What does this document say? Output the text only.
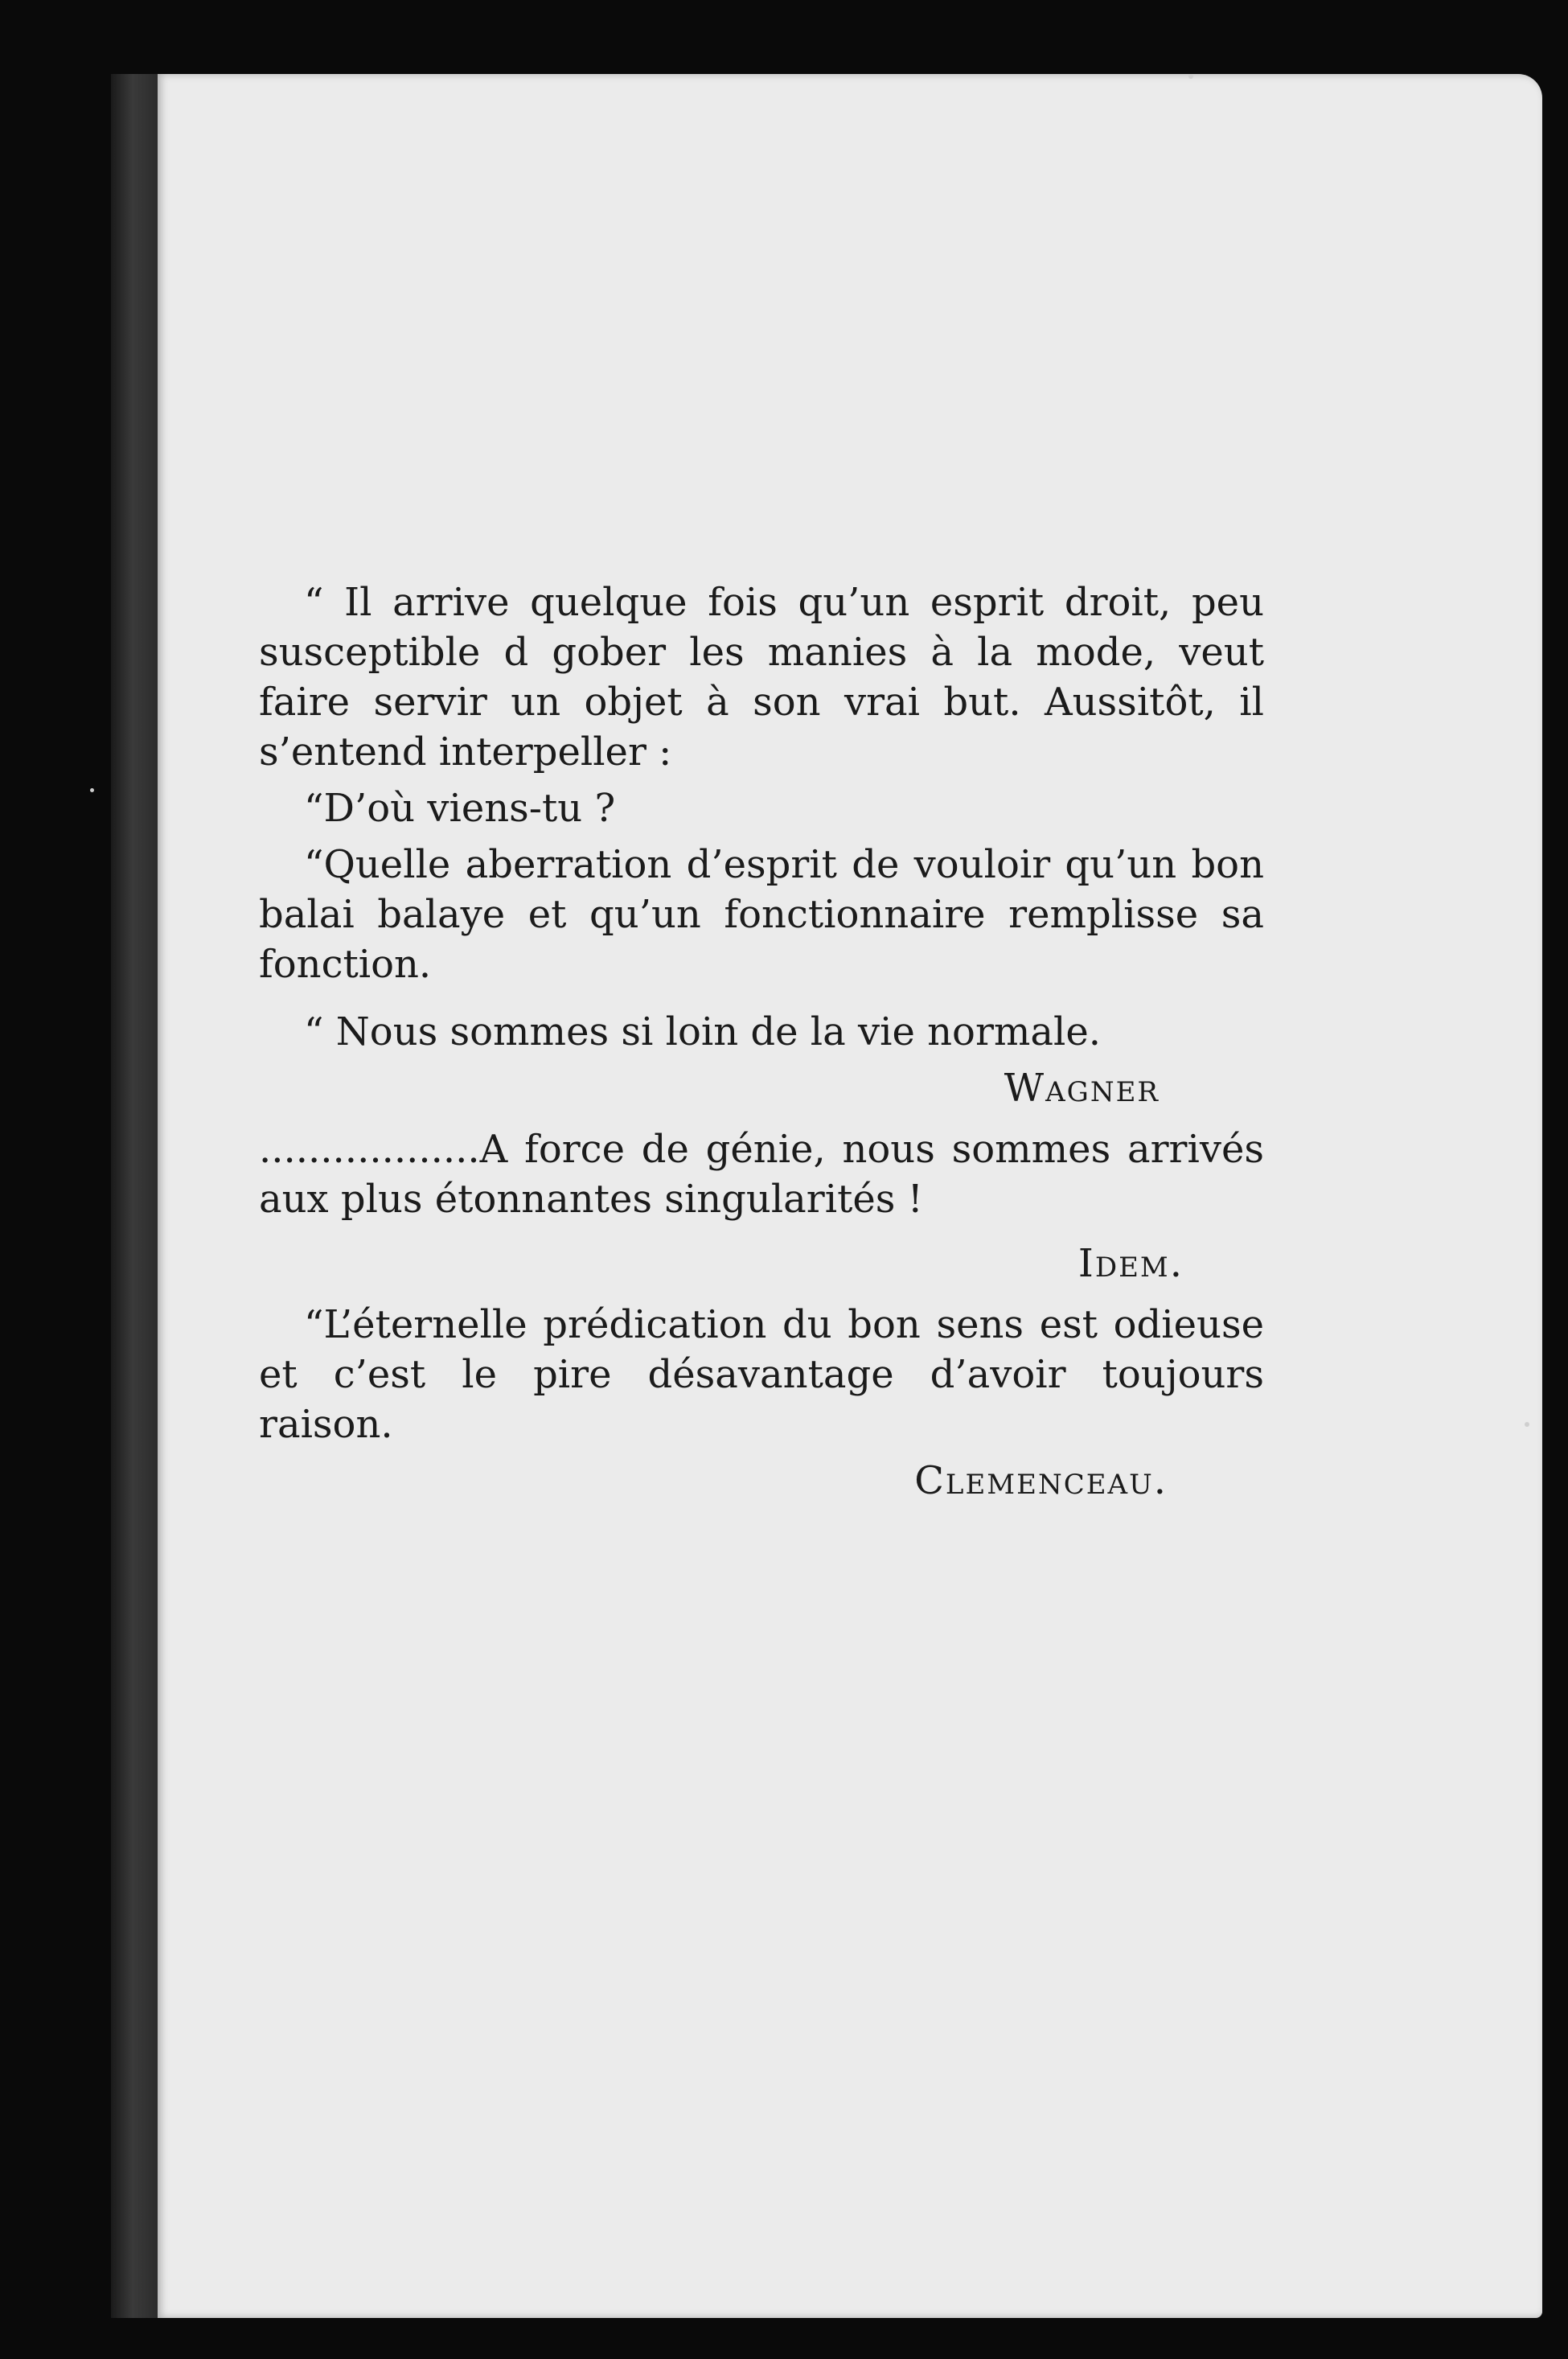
“ Il arrive quelque fois qu’un esprit droit, peu susceptible d gober les manies à la mode, veut faire servir un objet à son vrai but. Aussitôt, il s’entend interpeller :

“D’où viens-tu ?

“Quelle aberration d’esprit de vouloir qu’un bon balai balaye et qu’un fonctionnaire remplisse sa fonction.

“ Nous sommes si loin de la vie normale.

Wagner

..................A force de génie, nous sommes arrivés aux plus étonnantes singularités !

Idem.

“L’éternelle prédication du bon sens est odieuse et c’est le pire désavantage d’avoir toujours raison.

Clemenceau.
